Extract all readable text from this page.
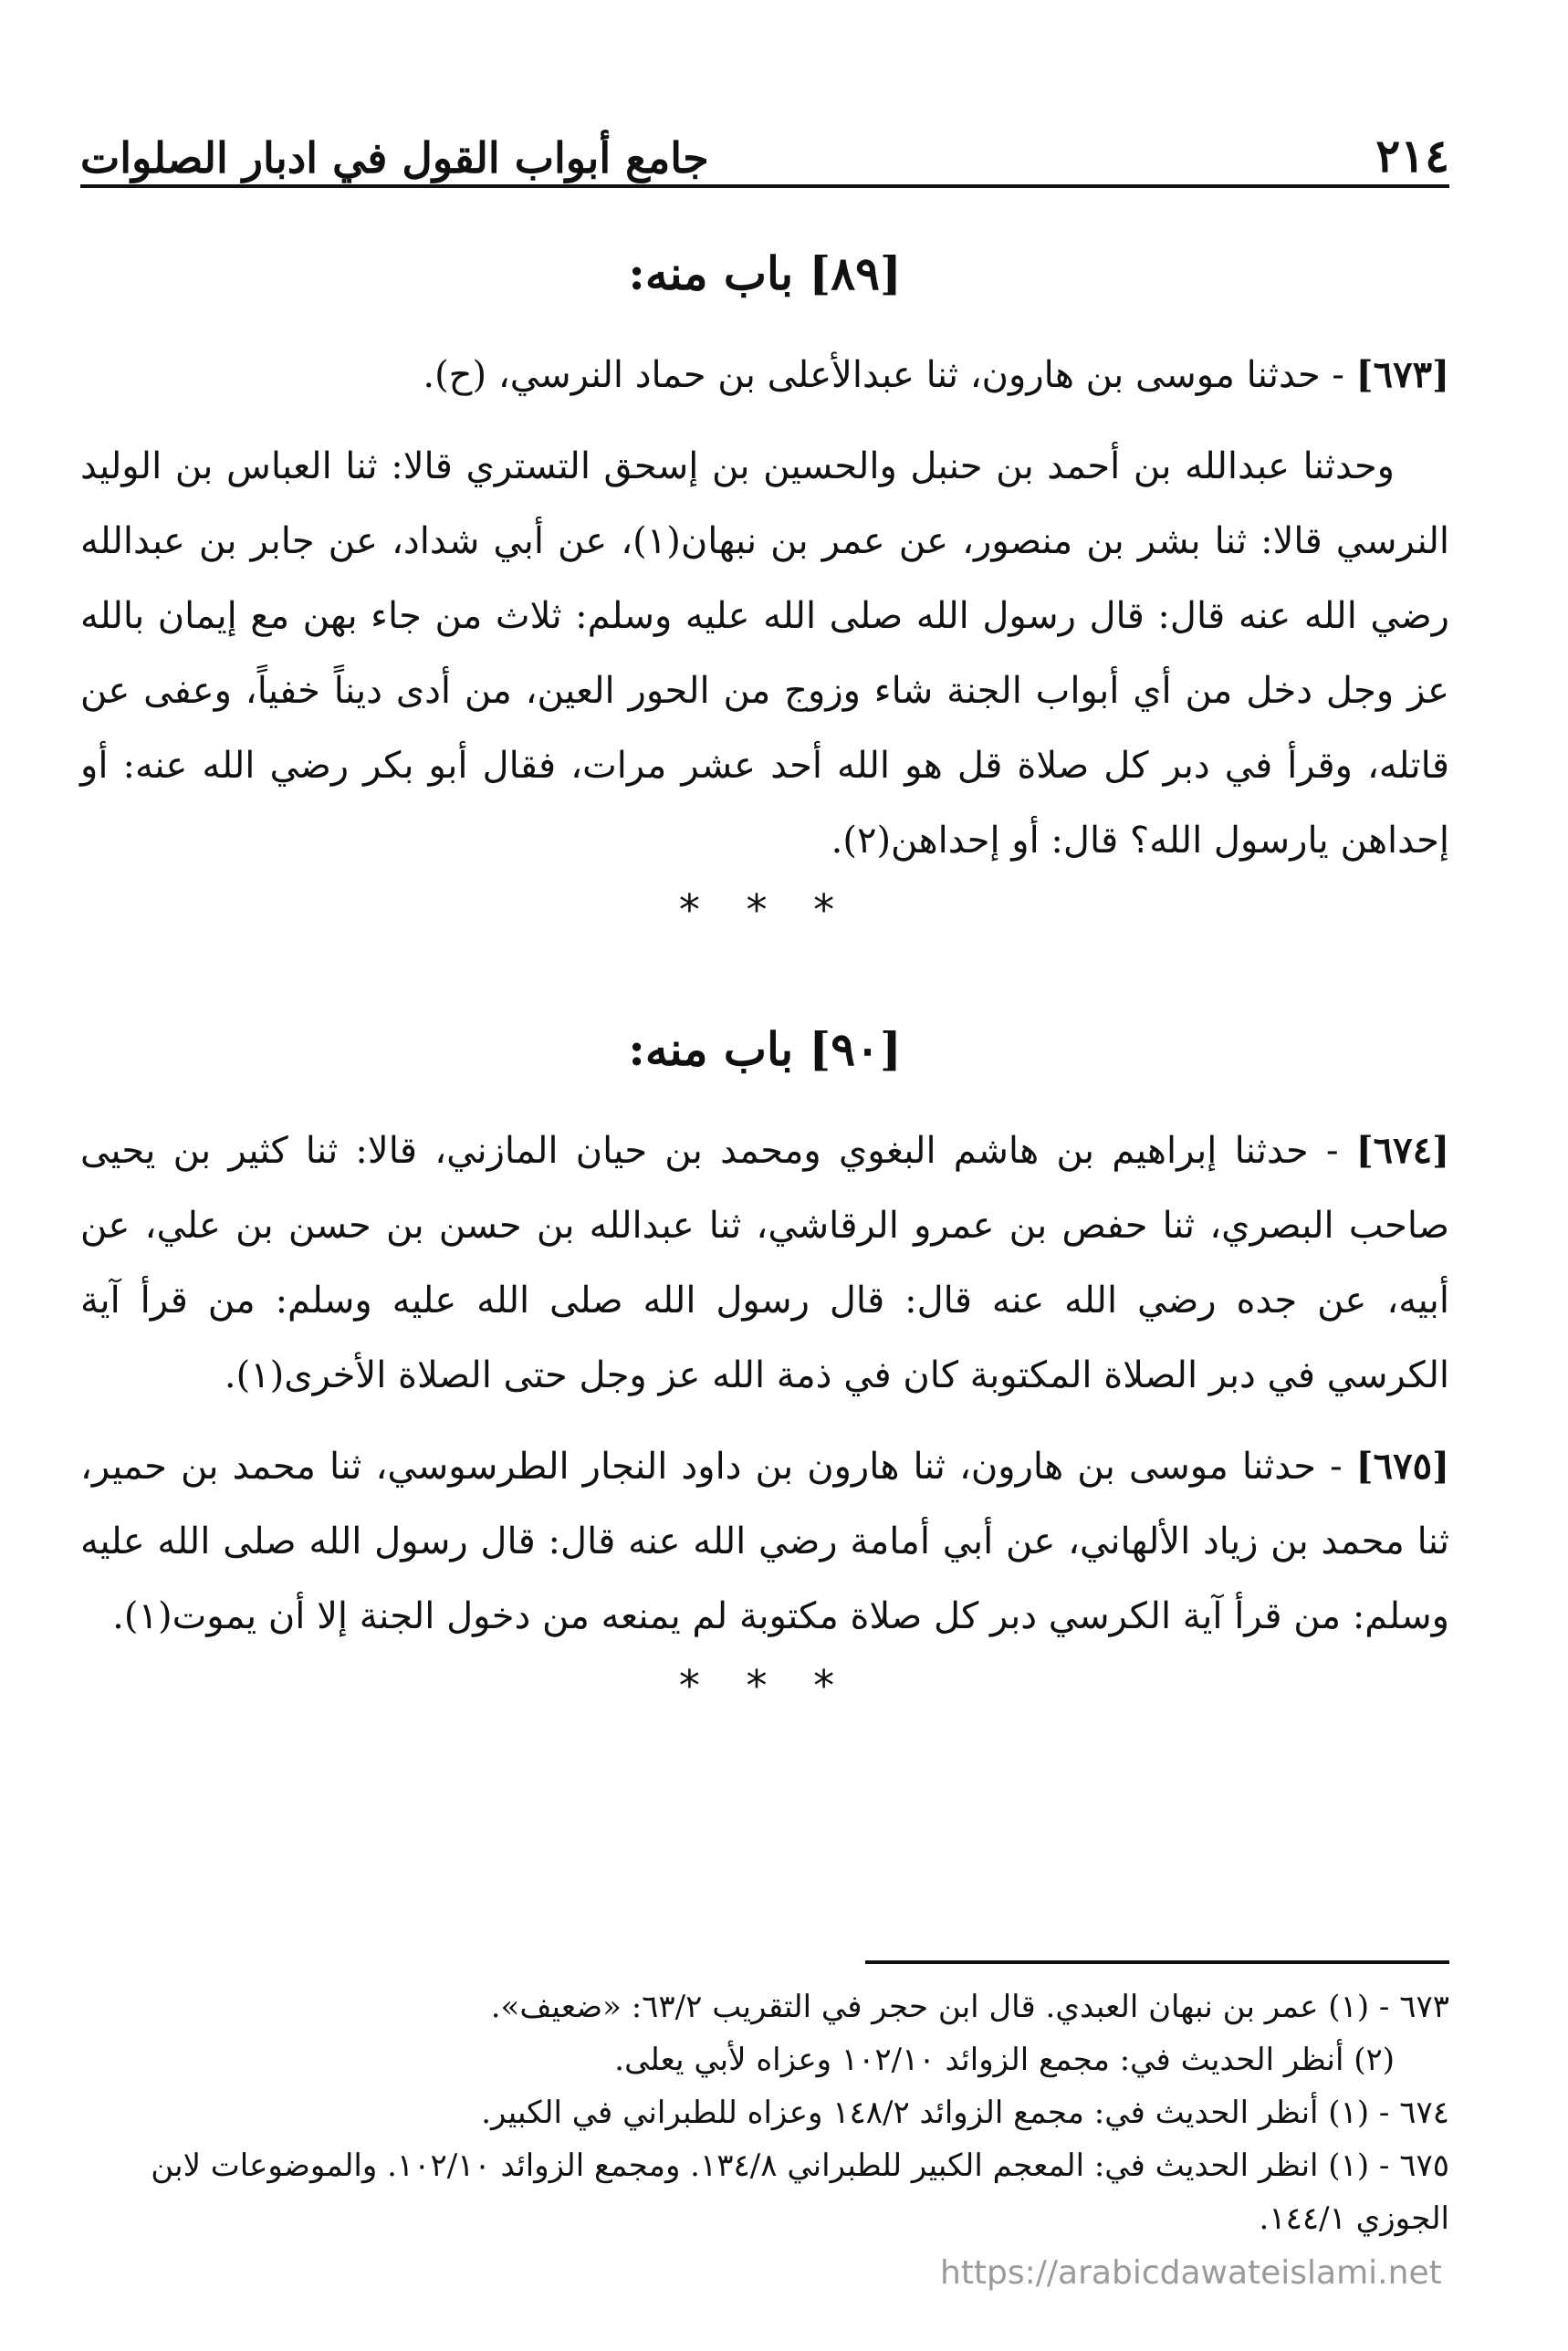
٢١٤
جامع أبواب القول في ادبار الصلوات
[٨٩] باب منه:

[٦٧٣] - حدثنا موسى بن هارون، ثنا عبدالأعلى بن حماد النرسي، (ح).

وحدثنا عبدالله بن أحمد بن حنبل والحسين بن إسحق التستري قالا: ثنا العباس بن الوليد النرسي قالا: ثنا بشر بن منصور، عن عمر بن نبهان(١)، عن أبي شداد، عن جابر بن عبدالله رضي الله عنه قال: قال رسول الله صلى الله عليه وسلم: ثلاث من جاء بهن مع إيمان بالله عز وجل دخل من أي أبواب الجنة شاء وزوج من الحور العين، من أدى ديناً خفياً، وعفى عن قاتله، وقرأ في دبر كل صلاة قل هو الله أحد عشر مرات، فقال أبو بكر رضي الله عنه: أو إحداهن يارسول الله؟ قال: أو إحداهن(٢).

* * *
[٩٠] باب منه:

[٦٧٤] - حدثنا إبراهيم بن هاشم البغوي ومحمد بن حيان المازني، قالا: ثنا كثير بن يحيى صاحب البصري، ثنا حفص بن عمرو الرقاشي، ثنا عبدالله بن حسن بن حسن بن علي، عن أبيه، عن جده رضي الله عنه قال: قال رسول الله صلى الله عليه وسلم: من قرأ آية الكرسي في دبر الصلاة المكتوبة كان في ذمة الله عز وجل حتى الصلاة الأخرى(١).

[٦٧٥] - حدثنا موسى بن هارون، ثنا هارون بن داود النجار الطرسوسي، ثنا محمد بن حمير، ثنا محمد بن زياد الألهاني، عن أبي أمامة رضي الله عنه قال: قال رسول الله صلى الله عليه وسلم: من قرأ آية الكرسي دبر كل صلاة مكتوبة لم يمنعه من دخول الجنة إلا أن يموت(١).

* * *

٦٧٣ - (١) عمر بن نبهان العبدي. قال ابن حجر في التقريب ٦٣/٢: «ضعيف».

(٢) أنظر الحديث في: مجمع الزوائد ١٠٢/١٠ وعزاه لأبي يعلى.

٦٧٤ - (١) أنظر الحديث في: مجمع الزوائد ١٤٨/٢ وعزاه للطبراني في الكبير.

٦٧٥ - (١) انظر الحديث في: المعجم الكبير للطبراني ١٣٤/٨. ومجمع الزوائد ١٠٢/١٠. والموضوعات لابن الجوزي ١٤٤/١.

https://arabicdawateislami.net
